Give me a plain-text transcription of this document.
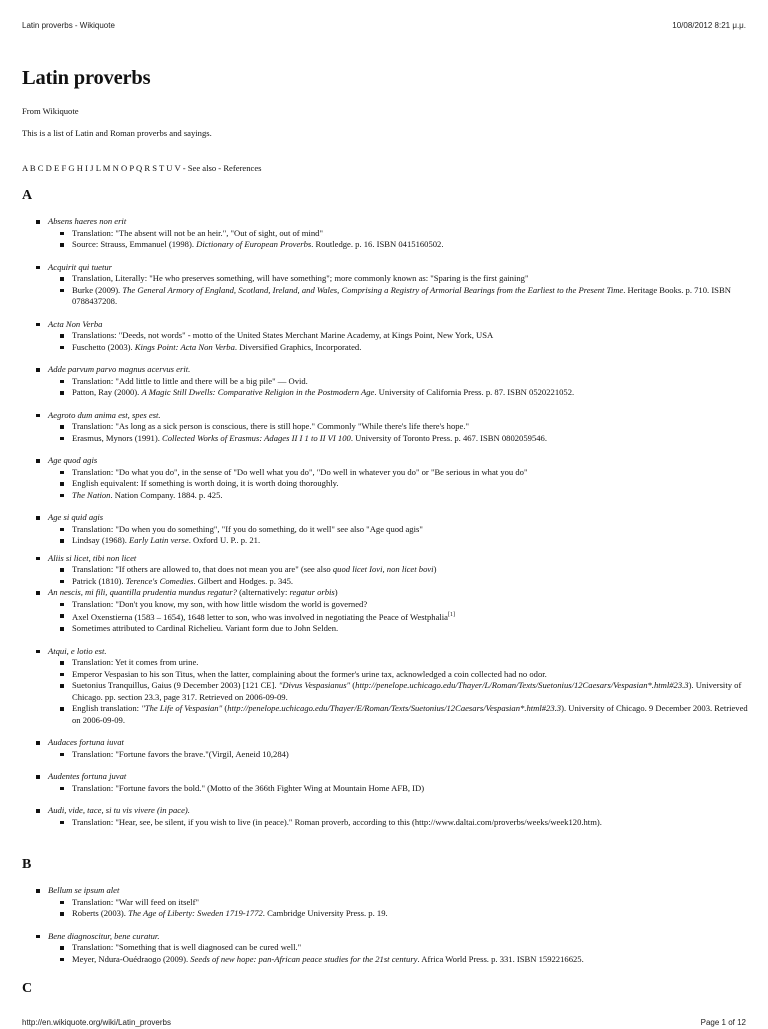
Latin proverbs - Wikiquote	10/08/2012 8:21 μ.μ.
Latin proverbs
From Wikiquote
This is a list of Latin and Roman proverbs and sayings.
A B C D E F G H I J L M N O P Q R S T U V - See also - References
A
Absens haeres non erit
Translation: "The absent will not be an heir.", "Out of sight, out of mind"
Source: Strauss, Emmanuel (1998). Dictionary of European Proverbs. Routledge. p. 16. ISBN 0415160502.
Acquirit qui tuetur
Translation, Literally: "He who preserves something, will have something"; more commonly known as: "Sparing is the first gaining"
Burke (2009). The General Armory of England, Scotland, Ireland, and Wales, Comprising a Registry of Armorial Bearings from the Earliest to the Present Time. Heritage Books. p. 710. ISBN 0788437208.
Acta Non Verba
Translations: "Deeds, not words" - motto of the United States Merchant Marine Academy, at Kings Point, New York, USA
Fuschetto (2003). Kings Point: Acta Non Verba. Diversified Graphics, Incorporated.
Adde parvum parvo magnus acervus erit.
Translation: "Add little to little and there will be a big pile" — Ovid.
Patton, Ray (2000). A Magic Still Dwells: Comparative Religion in the Postmodern Age. University of California Press. p. 87. ISBN 0520221052.
Aegroto dum anima est, spes est.
Translation: "As long as a sick person is conscious, there is still hope." Commonly "While there's life there's hope."
Erasmus, Mynors (1991). Collected Works of Erasmus: Adages II I 1 to II VI 100. University of Toronto Press. p. 467. ISBN 0802059546.
Age quod agis
Translation: "Do what you do", in the sense of "Do well what you do", "Do well in whatever you do" or "Be serious in what you do"
English equivalent: If something is worth doing, it is worth doing thoroughly.
The Nation. Nation Company. 1884. p. 425.
Age si quid agis
Translation: "Do when you do something", "If you do something, do it well" see also "Age quod agis"
Lindsay (1968). Early Latin verse. Oxford U. P.. p. 21.
Aliis si licet, tibi non licet
Translation: "If others are allowed to, that does not mean you are" (see also quod licet Iovi, non licet bovi)
Patrick (1810). Terence's Comedies. Gilbert and Hodges. p. 345.
An nescis, mi fili, quantilla prudentia mundus regatur? (alternatively: regatur orbis)
Translation: "Don't you know, my son, with how little wisdom the world is governed?
Axel Oxenstierna (1583 – 1654), 1648 letter to son, who was involved in negotiating the Peace of Westphalia[1]
Sometimes attributed to Cardinal Richelieu. Variant form due to John Selden.
Atqui, e lotio est.
Translation: Yet it comes from urine.
Emperor Vespasian to his son Titus, when the latter, complaining about the former's urine tax, acknowledged a coin collected had no odor.
Suetonius Tranquillus, Gaius (9 December 2003) [121 CE]. "Divus Vespasianus" (http://penelope.uchicago.edu/Thayer/L/Roman/Texts/Suetonius/12Caesars/Vespasian*.html#23.3). University of Chicago. pp. section 23.3, page 317. Retrieved on 2006-09-09.
English translation: "The Life of Vespasian" (http://penelope.uchicago.edu/Thayer/E/Roman/Texts/Suetonius/12Caesars/Vespasian*.html#23.3). University of Chicago. 9 December 2003. Retrieved on 2006-09-09.
Audaces fortuna iuvat
Translation: "Fortune favors the brave."(Virgil, Aeneid 10,284)
Audentes fortuna juvat
Translation: "Fortune favors the bold." (Motto of the 366th Fighter Wing at Mountain Home AFB, ID)
Audi, vide, tace, si tu vis vivere (in pace).
Translation: "Hear, see, be silent, if you wish to live (in peace)." Roman proverb, according to this (http://www.daltai.com/proverbs/weeks/week120.htm).
B
Bellum se ipsum alet
Translation: "War will feed on itself"
Roberts (2003). The Age of Liberty: Sweden 1719-1772. Cambridge University Press. p. 19.
Bene diagnoscitur, bene curatur.
Translation: "Something that is well diagnosed can be cured well."
Meyer, Ndura-Ouédraogo (2009). Seeds of new hope: pan-African peace studies for the 21st century. Africa World Press. p. 331. ISBN 1592216625.
C
http://en.wikiquote.org/wiki/Latin_proverbs	Page 1 of 12
